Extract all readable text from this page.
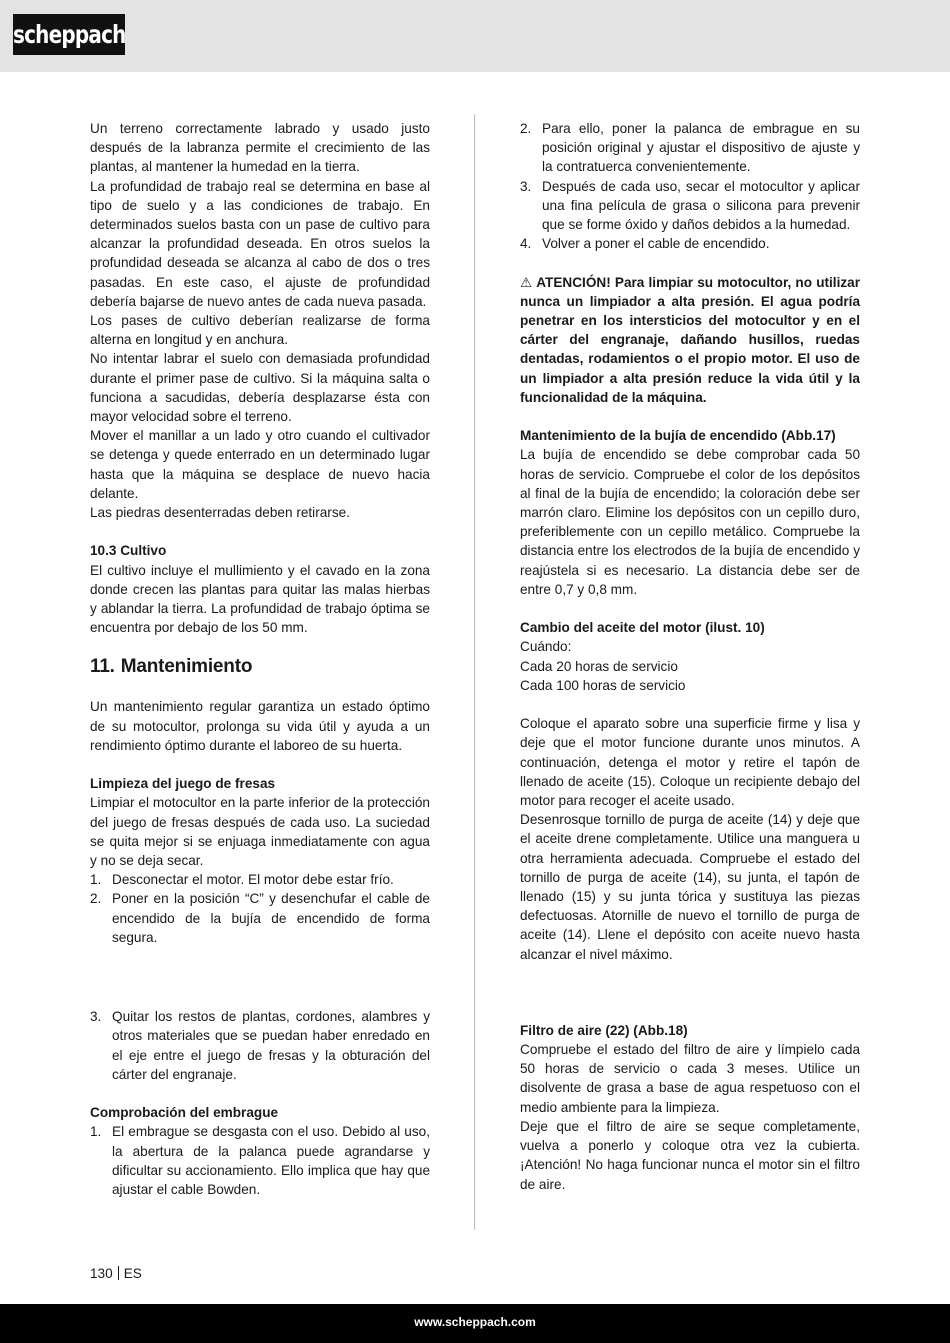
scheppach

Un terreno correctamente labrado y usado justo después de la labranza permite el crecimiento de las plantas, al mantener la humedad en la tierra.

La profundidad de trabajo real se determina en base al tipo de suelo y a las condiciones de trabajo. En determinados suelos basta con un pase de cultivo para alcanzar la profundidad deseada. En otros suelos la profundidad deseada se alcanza al cabo de dos o tres pasadas. En este caso, el ajuste de profundidad debería bajarse de nuevo antes de cada nueva pasada.

Los pases de cultivo deberían realizarse de forma alterna en longitud y en anchura.

No intentar labrar el suelo con demasiada profundidad durante el primer pase de cultivo. Si la máquina salta o funciona a sacudidas, debería desplazarse ésta con mayor velocidad sobre el terreno.

Mover el manillar a un lado y otro cuando el cultivador se detenga y quede enterrado en un determinado lugar hasta que la máquina se desplace de nuevo hacia delante.

Las piedras desenterradas deben retirarse.

10.3 Cultivo

El cultivo incluye el mullimiento y el cavado en la zona donde crecen las plantas para quitar las malas hierbas y ablandar la tierra. La profundidad de trabajo óptima se encuentra por debajo de los 50 mm.

11. Mantenimiento

Un mantenimiento regular garantiza un estado óptimo de su motocultor, prolonga su vida útil y ayuda a un rendimiento óptimo durante el laboreo de su huerta.

Limpieza del juego de fresas

Limpiar el motocultor en la parte inferior de la protección del juego de fresas después de cada uso. La suciedad se quita mejor si se enjuaga inmediatamente con agua y no se deja secar.

1. Desconectar el motor. El motor debe estar frío.
2. Poner en la posición “C” y desenchufar el cable de encendido de la bujía de encendido de forma segura.
3. Quitar los restos de plantas, cordones, alambres y otros materiales que se puedan haber enredado en el eje entre el juego de fresas y la obturación del cárter del engranaje.

Comprobación del embrague

1. El embrague se desgasta con el uso. Debido al uso, la abertura de la palanca puede agrandarse y dificultar su accionamiento. Ello implica que hay que ajustar el cable Bowden.
2. Para ello, poner la palanca de embrague en su posición original y ajustar el dispositivo de ajuste y la contratuerca convenientemente.
3. Después de cada uso, secar el motocultor y aplicar una fina película de grasa o silicona para prevenir que se forme óxido y daños debidos a la humedad.
4. Volver a poner el cable de encendido.

⚠ ATENCIÓN! Para limpiar su motocultor, no utilizar nunca un limpiador a alta presión. El agua podría penetrar en los intersticios del motocultor y en el cárter del engranaje, dañando husillos, ruedas dentadas, rodamientos o el propio motor. El uso de un limpiador a alta presión reduce la vida útil y la funcionalidad de la máquina.

Mantenimiento de la bujía de encendido (Abb.17)

La bujía de encendido se debe comprobar cada 50 horas de servicio. Compruebe el color de los depósitos al final de la bujía de encendido; la coloración debe ser marrón claro. Elimine los depósitos con un cepillo duro, preferiblemente con un cepillo metálico. Compruebe la distancia entre los electrodos de la bujía de encendido y reajústela si es necesario. La distancia debe ser de entre 0,7 y 0,8 mm.

Cambio del aceite del motor (ilust. 10)

Cuándo:

Cada 20 horas de servicio

Cada 100 horas de servicio

Coloque el aparato sobre una superficie firme y lisa y deje que el motor funcione durante unos minutos. A continuación, detenga el motor y retire el tapón de llenado de aceite (15). Coloque un recipiente debajo del motor para recoger el aceite usado.

Desenrosque tornillo de purga de aceite (14) y deje que el aceite drene completamente. Utilice una manguera u otra herramienta adecuada. Compruebe el estado del tornillo de purga de aceite (14), su junta, el tapón de llenado (15) y su junta tórica y sustituya las piezas defectuosas. Atornille de nuevo el tornillo de purga de aceite (14). Llene el depósito con aceite nuevo hasta alcanzar el nivel máximo.

Filtro de aire (22) (Abb.18)

Compruebe el estado del filtro de aire y límpielo cada 50 horas de servicio o cada 3 meses. Utilice un disolvente de grasa a base de agua respetuoso con el medio ambiente para la limpieza.

Deje que el filtro de aire se seque completamente, vuelva a ponerlo y coloque otra vez la cubierta. ¡Atención! No haga funcionar nunca el motor sin el filtro de aire.

130 ES
www.scheppach.com
